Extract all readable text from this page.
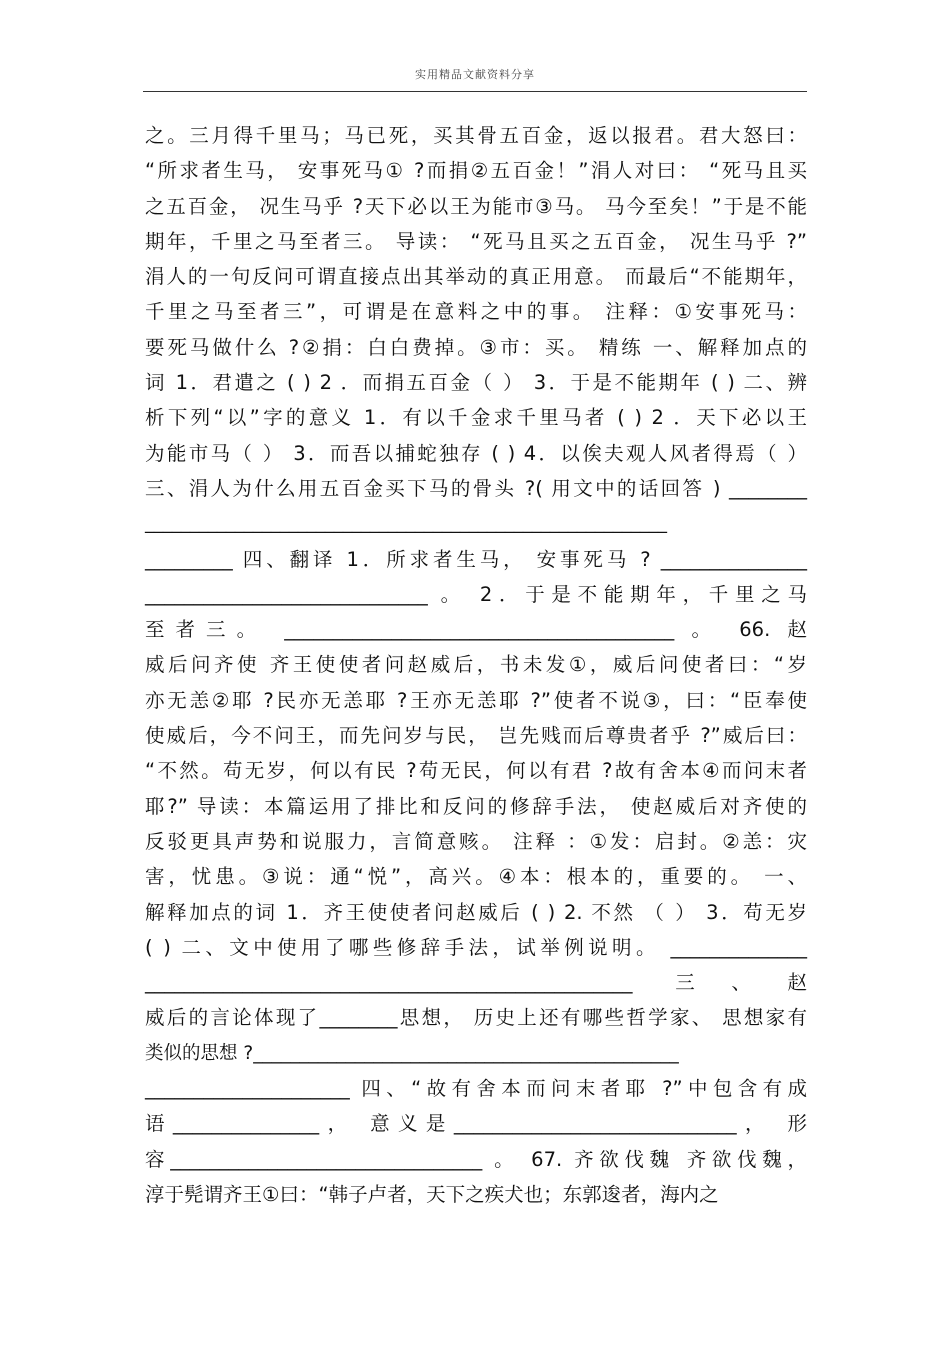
实用精品文献资料分享
之。三月得千里马；马已死，买其骨五百金，返以报君。君大怒曰：
“所求者生马， 安事死马① ?而捐②五百金！”涓人对曰： “死马且买
之五百金， 况生马乎 ?天下必以王为能市③马。 马今至矣！”于是不能
期年，千里之马至者三。 导读： “死马且买之五百金， 况生马乎 ?”
涓人的一句反问可谓直接点出其举动的真正用意。 而最后“不能期年，
千里之马至者三”，可谓是在意料之中的事。 注释：①安事死马：
要死马做什么 ?②捐：白白费掉。③市：买。 精练 一、解释加点的
词 1．君遣之 ( ) 2 ．而捐五百金（ ） 3．于是不能期年 ( ) 二、辨
析下列“以”字的意义 1．有以千金求千里马者 ( ) 2 ．天下必以王
为能市马（ ） 3．而吾以捕蛇独存 ( ) 4．以俟夫观人风者得焉（ ）
三、涓人为什么用五百金买下马的骨头 ?( 用文中的话回答 ) ________
__________________________________________________________
_________ 四、翻译 1．所求者生马， 安事死马 ? _______________
_____________________________ 。 2．于是不能期年，千里之马
至者三。 ________________________________________ 。 66. 赵
威后问齐使 齐王使使者问赵威后，书未发①，威后问使者曰：“岁
亦无恙②耶 ?民亦无恙耶 ?王亦无恙耶 ?”使者不说③，曰：“臣奉使
使威后，今不问王，而先问岁与民， 岂先贱而后尊贵者乎 ?”威后曰：
“不然。苟无岁，何以有民 ?苟无民，何以有君 ?故有舍本④而问末者
耶?” 导读：本篇运用了排比和反问的修辞手法， 使赵威后对齐使的
反驳更具声势和说服力，言简意赅。 注释 ：①发：启封。②恙：灾
害，忧患。③说：通“悦”，高兴。④本：根本的，重要的。 一、
解释加点的词 1．齐王使使者问赵威后 ( ) 2. 不然 （ ） 3．苟无岁
( ) 二、文中使用了哪些修辞手法，试举例说明。 ______________
__________________________________________________ 三、赵
威后的言论体现了________思想， 历史上还有哪些哲学家、 思想家有
类似的思想 ?______________________________________________
_____________________ 四、“故有舍本而问末者耶 ?”中包含有成
语_______________， 意义是_____________________________， 形
容________________________________ 。 67. 齐欲伐魏 齐欲伐魏，
淳于髡谓齐王①曰：“韩子卢者，天下之疾犬也；东郭逡者，海内之
